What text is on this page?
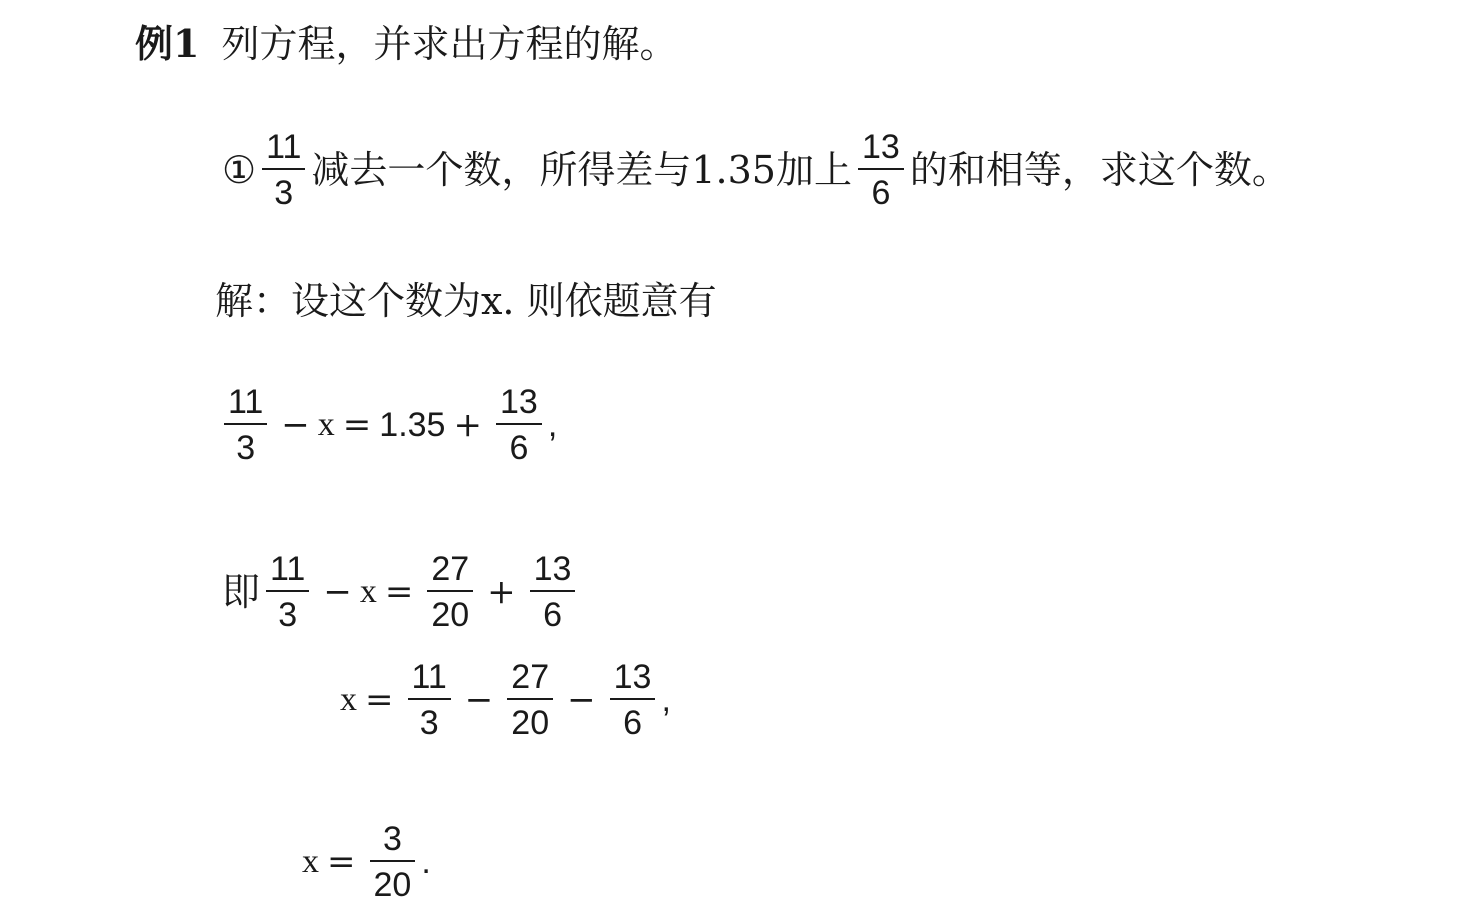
例1 列方程，并求出方程的解。
① $\frac{11}{3}$ 减去一个数，所得差与1.35加上 $\frac{13}{6}$ 的和相等，求这个数。
解：设这个数为x. 则依题意有
$\frac{11}{3} - x = 1.35 + \frac{13}{6}$ ,
即 $\frac{11}{3} - x = \frac{27}{20} + \frac{13}{6}$
$x = \frac{11}{3} - \frac{27}{20} - \frac{13}{6}$ ,
$x = \frac{3}{20}$ .
